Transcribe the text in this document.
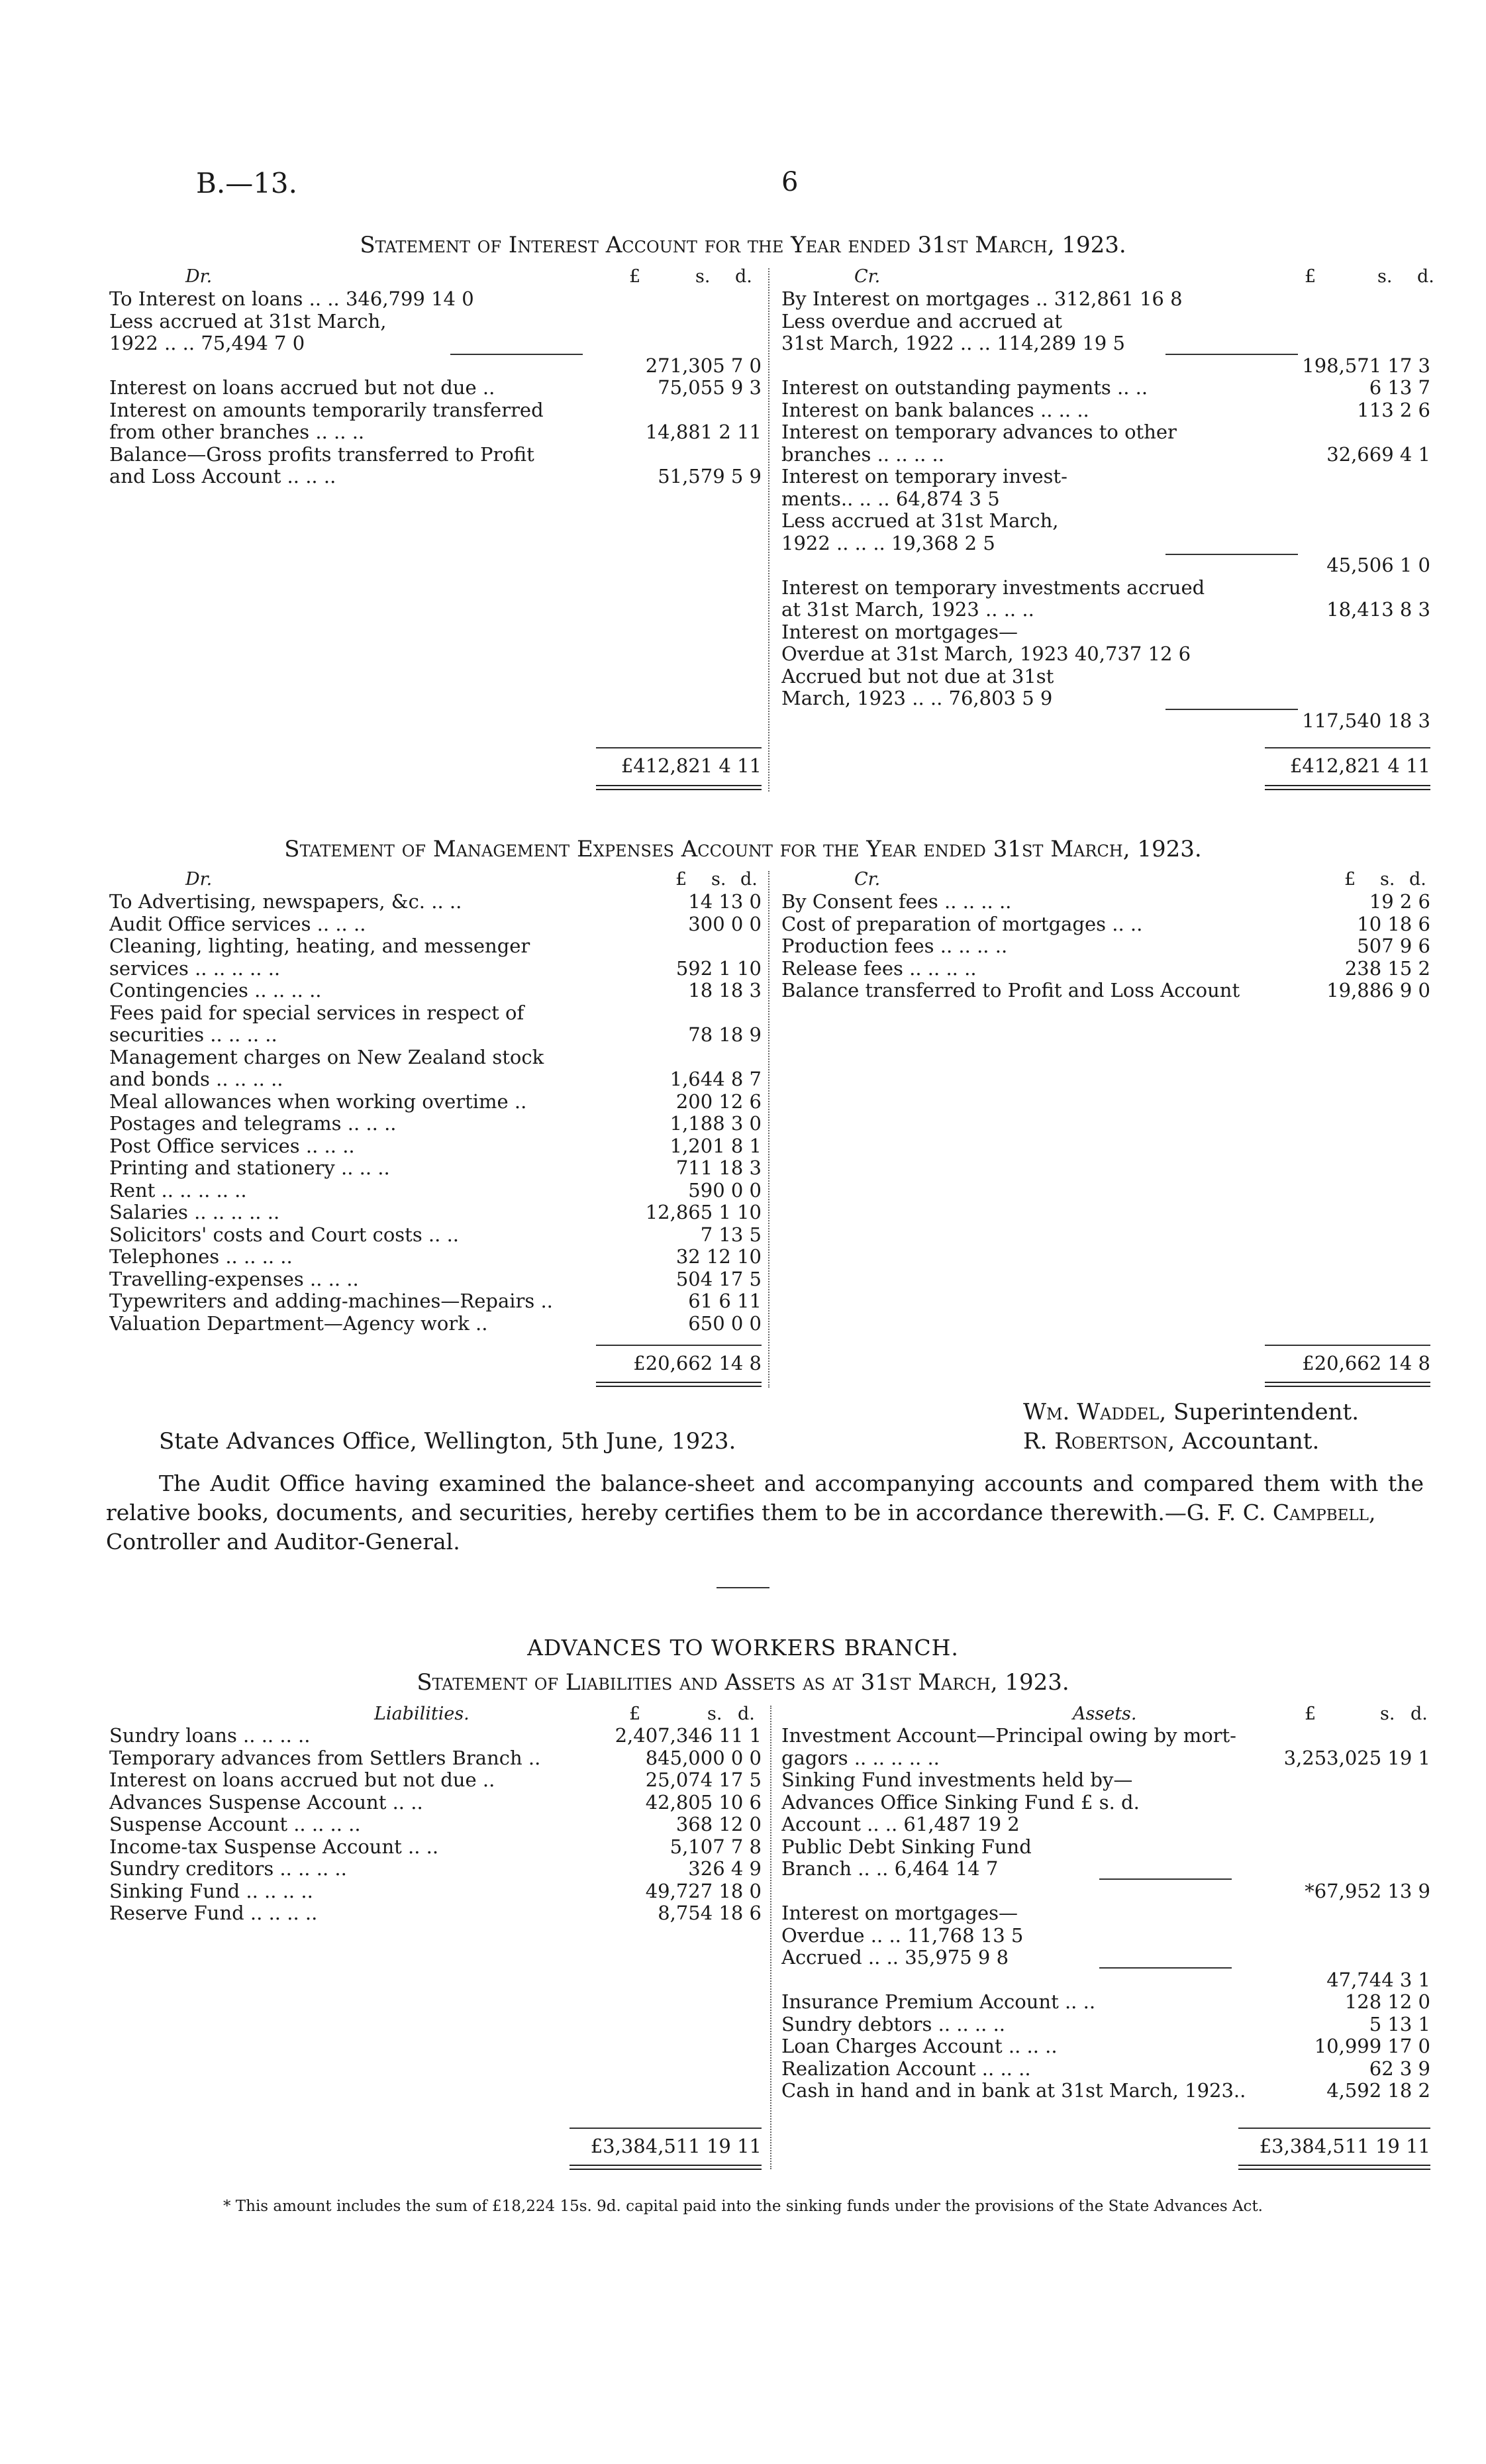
B.—13.	6
Statement of Interest Account for the Year ended 31st March, 1923.
Dr.	£	s. d.	Cr.	£	s. d.
To Interest on loans .. .. 346,799 14 0
Less accrued at 31st March,
1922 .. .. 75,494 7 0
271,305 7 0
Interest on loans accrued but not due ..	75,055 9 3
Interest on amounts temporarily transferred
from other branches .. .. ..	14,881 2 11
Balance—Gross profits transferred to Profit
and Loss Account .. .. ..	51,579 5 9
By Interest on mortgages .. 312,861 16 8
Less overdue and accrued at
31st March, 1922 .. .. 114,289 19 5
198,571 17 3
Interest on outstanding payments .. ..	6 13 7
Interest on bank balances .. .. ..	113 2 6
Interest on temporary advances to other
branches .. .. .. ..	32,669 4 1
Interest on temporary invest-
ments.. .. .. 64,874 3 5
Less accrued at 31st March,
1922 .. .. .. 19,368 2 5
45,506 1 0
Interest on temporary investments accrued
at 31st March, 1923 .. .. ..	18,413 8 3
Interest on mortgages—
Overdue at 31st March, 1923 40,737 12 6
Accrued but not due at 31st
March, 1923 .. .. 76,803 5 9
117,540 18 3
£412,821 4 11	£412,821 4 11
Statement of Management Expenses Account for the Year ended 31st March, 1923.
Dr.	£ s. d.	Cr.	£ s. d.
To Advertising, newspapers, &c. .. ..	14 13 0
Audit Office services .. .. ..	300 0 0
Cleaning, lighting, heating, and messenger
services .. .. .. .. ..	592 1 10
Contingencies .. .. .. ..	18 18 3
Fees paid for special services in respect of
securities .. .. .. ..	78 18 9
Management charges on New Zealand stock
and bonds .. .. .. ..	1,644 8 7
Meal allowances when working overtime ..	200 12 6
Postages and telegrams .. .. ..	1,188 3 0
Post Office services .. .. ..	1,201 8 1
Printing and stationery .. .. ..	711 18 3
Rent .. .. .. .. ..	590 0 0
Salaries .. .. .. .. ..	12,865 1 10
Solicitors' costs and Court costs .. ..	7 13 5
Telephones .. .. .. ..	32 12 10
Travelling-expenses .. .. ..	504 17 5
Typewriters and adding-machines—Repairs ..	61 6 11
Valuation Department—Agency work ..	650 0 0
By Consent fees .. .. .. ..	19 2 6
Cost of preparation of mortgages .. ..	10 18 6
Production fees .. .. .. ..	507 9 6
Release fees .. .. .. ..	238 15 2
Balance transferred to Profit and Loss Account	19,886 9 0
£20,662 14 8	£20,662 14 8
Wm. Waddel, Superintendent.
State Advances Office, Wellington, 5th June, 1923.	R. Robertson, Accountant.
The Audit Office having examined the balance-sheet and accompanying accounts and compared them with the relative books, documents, and securities, hereby certifies them to be in accordance therewith.—G. F. C. Campbell,
Controller and Auditor-General.
ADVANCES TO WORKERS BRANCH.
Statement of Liabilities and Assets as at 31st March, 1923.
Liabilities.	£	s. d.	Assets.	£	s. d.
Sundry loans .. .. .. ..	2,407,346 11 1
Temporary advances from Settlers Branch ..	845,000 0 0
Interest on loans accrued but not due ..	25,074 17 5
Advances Suspense Account .. ..	42,805 10 6
Suspense Account .. .. .. ..	368 12 0
Income-tax Suspense Account .. ..	5,107 7 8
Sundry creditors .. .. .. ..	326 4 9
Sinking Fund .. .. .. ..	49,727 18 0
Reserve Fund .. .. .. ..	8,754 18 6
Investment Account—Principal owing by mort-
gagors .. .. .. .. ..	3,253,025 19 1
Sinking Fund investments held by—
Advances Office Sinking Fund £ s. d.
Account .. .. 61,487 19 2
Public Debt Sinking Fund
Branch .. .. 6,464 14 7
*67,952 13 9
Interest on mortgages—
Overdue .. .. 11,768 13 5
Accrued .. .. 35,975 9 8
47,744 3 1
Insurance Premium Account .. ..	128 12 0
Sundry debtors .. .. .. ..	5 13 1
Loan Charges Account .. .. ..	10,999 17 0
Realization Account .. .. ..	62 3 9
Cash in hand and in bank at 31st March, 1923..	4,592 18 2
£3,384,511 19 11	£3,384,511 19 11
* This amount includes the sum of £18,224 15s. 9d. capital paid into the sinking funds under the provisions of the State Advances Act.
